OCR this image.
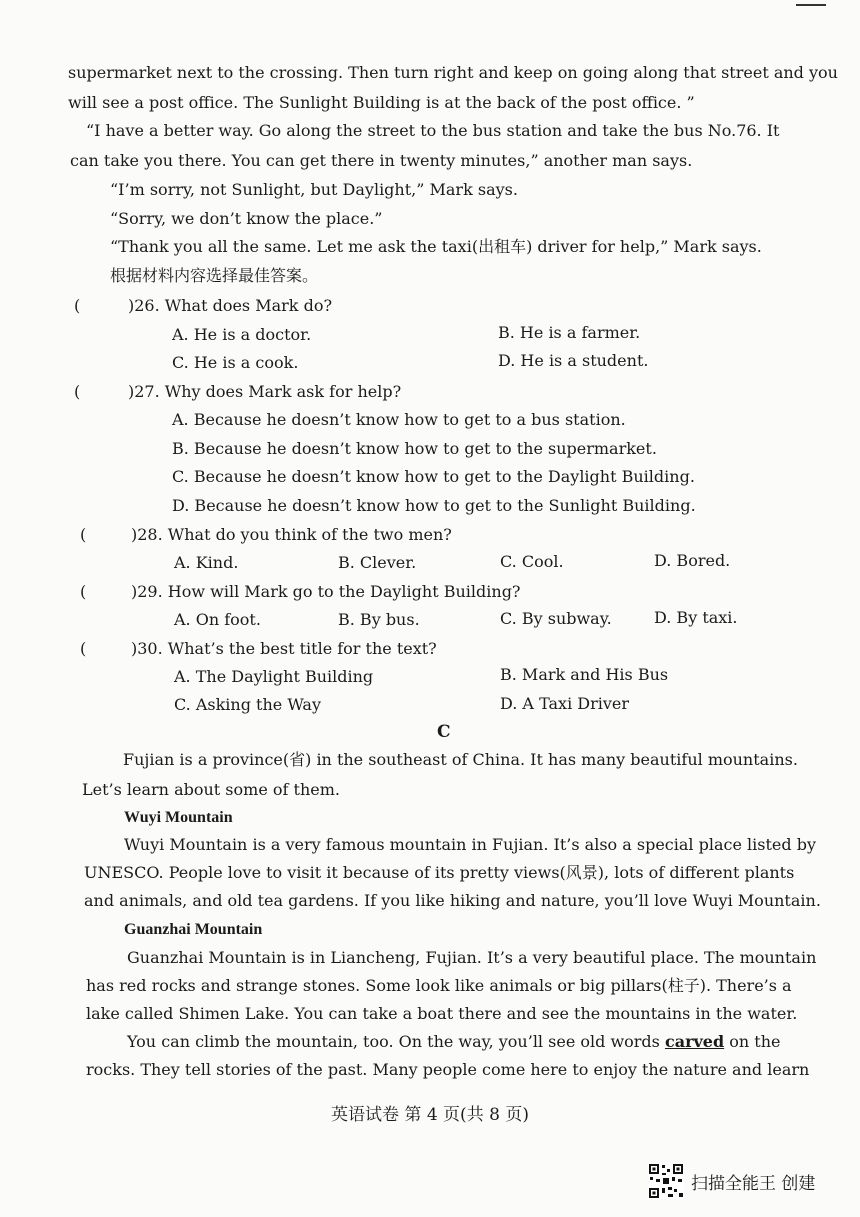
supermarket next to the crossing. Then turn right and keep on going along that street and you
will see a post office. The Sunlight Building is at the back of the post office. ”
“I have a better way. Go along the street to the bus station and take the bus No.76. It
can take you there. You can get there in twenty minutes,” another man says.
“I’m sorry, not Sunlight, but Daylight,” Mark says.
“Sorry, we don’t know the place.”
“Thank you all the same. Let me ask the taxi(出租车) driver for help,” Mark says.
根据材料内容选择最佳答案。
(	)26. What does Mark do?
A. He is a doctor.	B. He is a farmer.
C. He is a cook.	D. He is a student.
(	)27. Why does Mark ask for help?
A. Because he doesn’t know how to get to a bus station.
B. Because he doesn’t know how to get to the supermarket.
C. Because he doesn’t know how to get to the Daylight Building.
D. Because he doesn’t know how to get to the Sunlight Building.
(	)28. What do you think of the two men?
A. Kind.	B. Clever.	C. Cool.	D. Bored.
(	)29. How will Mark go to the Daylight Building?
A. On foot.	B. By bus.	C. By subway.	D. By taxi.
(	)30. What’s the best title for the text?
A. The Daylight Building	B. Mark and His Bus
C. Asking the Way	D. A Taxi Driver
C
Fujian is a province(省) in the southeast of China. It has many beautiful mountains.
Let’s learn about some of them.
Wuyi Mountain
Wuyi Mountain is a very famous mountain in Fujian. It’s also a special place listed by
UNESCO. People love to visit it because of its pretty views(风景), lots of different plants
and animals, and old tea gardens. If you like hiking and nature, you’ll love Wuyi Mountain.
Guanzhai Mountain
Guanzhai Mountain is in Liancheng, Fujian. It’s a very beautiful place. The mountain
has red rocks and strange stones. Some look like animals or big pillars(柱子). There’s a
lake called Shimen Lake. You can take a boat there and see the mountains in the water.
You can climb the mountain, too. On the way, you’ll see old words carved on the
rocks. They tell stories of the past. Many people come here to enjoy the nature and learn
英语试卷 第 4 页(共 8 页)
扫描全能王 创建
